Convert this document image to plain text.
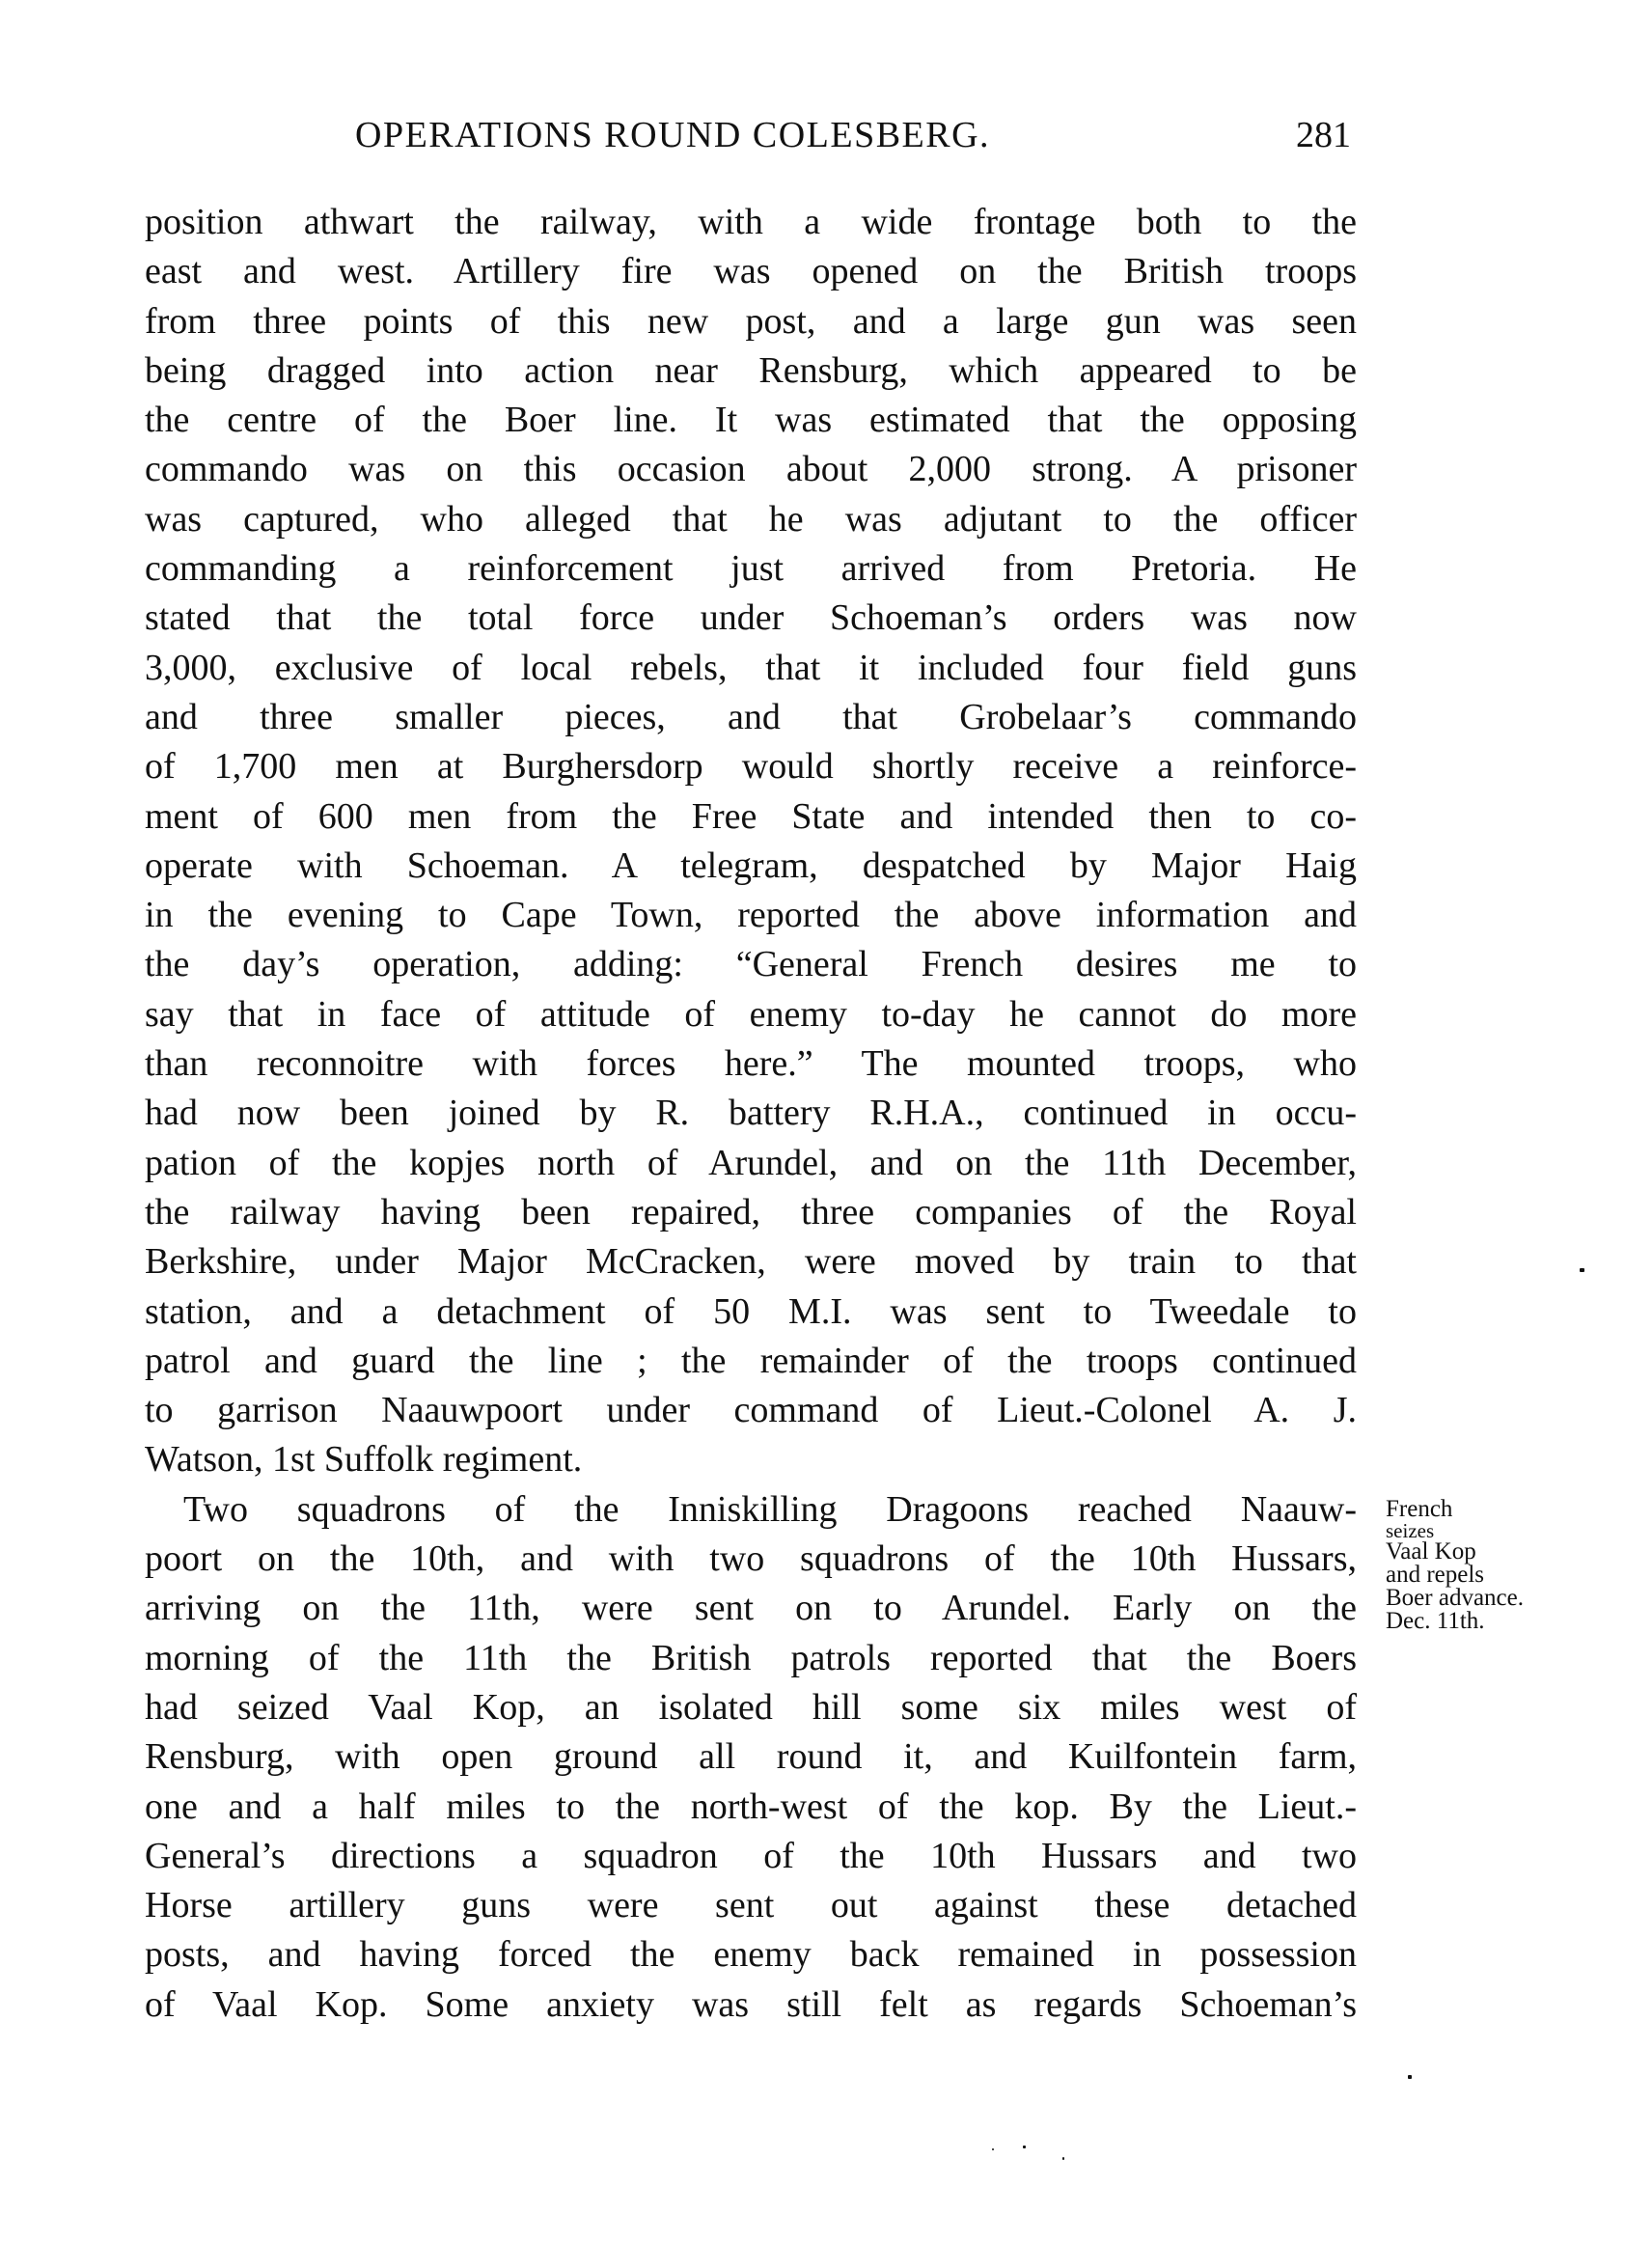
OPERATIONS ROUND COLESBERG.	281
position athwart the railway, with a wide frontage both to the
east and west. Artillery fire was opened on the British troops
from three points of this new post, and a large gun was seen
being dragged into action near Rensburg, which appeared to be
the centre of the Boer line. It was estimated that the opposing
commando was on this occasion about 2,000 strong. A prisoner
was captured, who alleged that he was adjutant to the officer
commanding a reinforcement just arrived from Pretoria. He
stated that the total force under Schoeman’s orders was now
3,000, exclusive of local rebels, that it included four field guns
and three smaller pieces, and that Grobelaar’s commando
of 1,700 men at Burghersdorp would shortly receive a reinforce-
ment of 600 men from the Free State and intended then to co-
operate with Schoeman. A telegram, despatched by Major Haig
in the evening to Cape Town, reported the above information and
the day’s operation, adding: “General French desires me to
say that in face of attitude of enemy to-day he cannot do more
than reconnoitre with forces here.” The mounted troops, who
had now been joined by R. battery R.H.A., continued in occu-
pation of the kopjes north of Arundel, and on the 11th December,
the railway having been repaired, three companies of the Royal
Berkshire, under Major McCracken, were moved by train to that
station, and a detachment of 50 M.I. was sent to Tweedale to
patrol and guard the line ; the remainder of the troops continued
to garrison Naauwpoort under command of Lieut.-Colonel A. J.
Watson, 1st Suffolk regiment.
Two squadrons of the Inniskilling Dragoons reached Naauw-
poort on the 10th, and with two squadrons of the 10th Hussars,
arriving on the 11th, were sent on to Arundel. Early on the
morning of the 11th the British patrols reported that the Boers
had seized Vaal Kop, an isolated hill some six miles west of
Rensburg, with open ground all round it, and Kuilfontein farm,
one and a half miles to the north-west of the kop. By the Lieut.-
General’s directions a squadron of the 10th Hussars and two
Horse artillery guns were sent out against these detached
posts, and having forced the enemy back remained in possession
of Vaal Kop. Some anxiety was still felt as regards Schoeman’s
French
seizes
Vaal Kop
and repels
Boer advance.
Dec. 11th.
